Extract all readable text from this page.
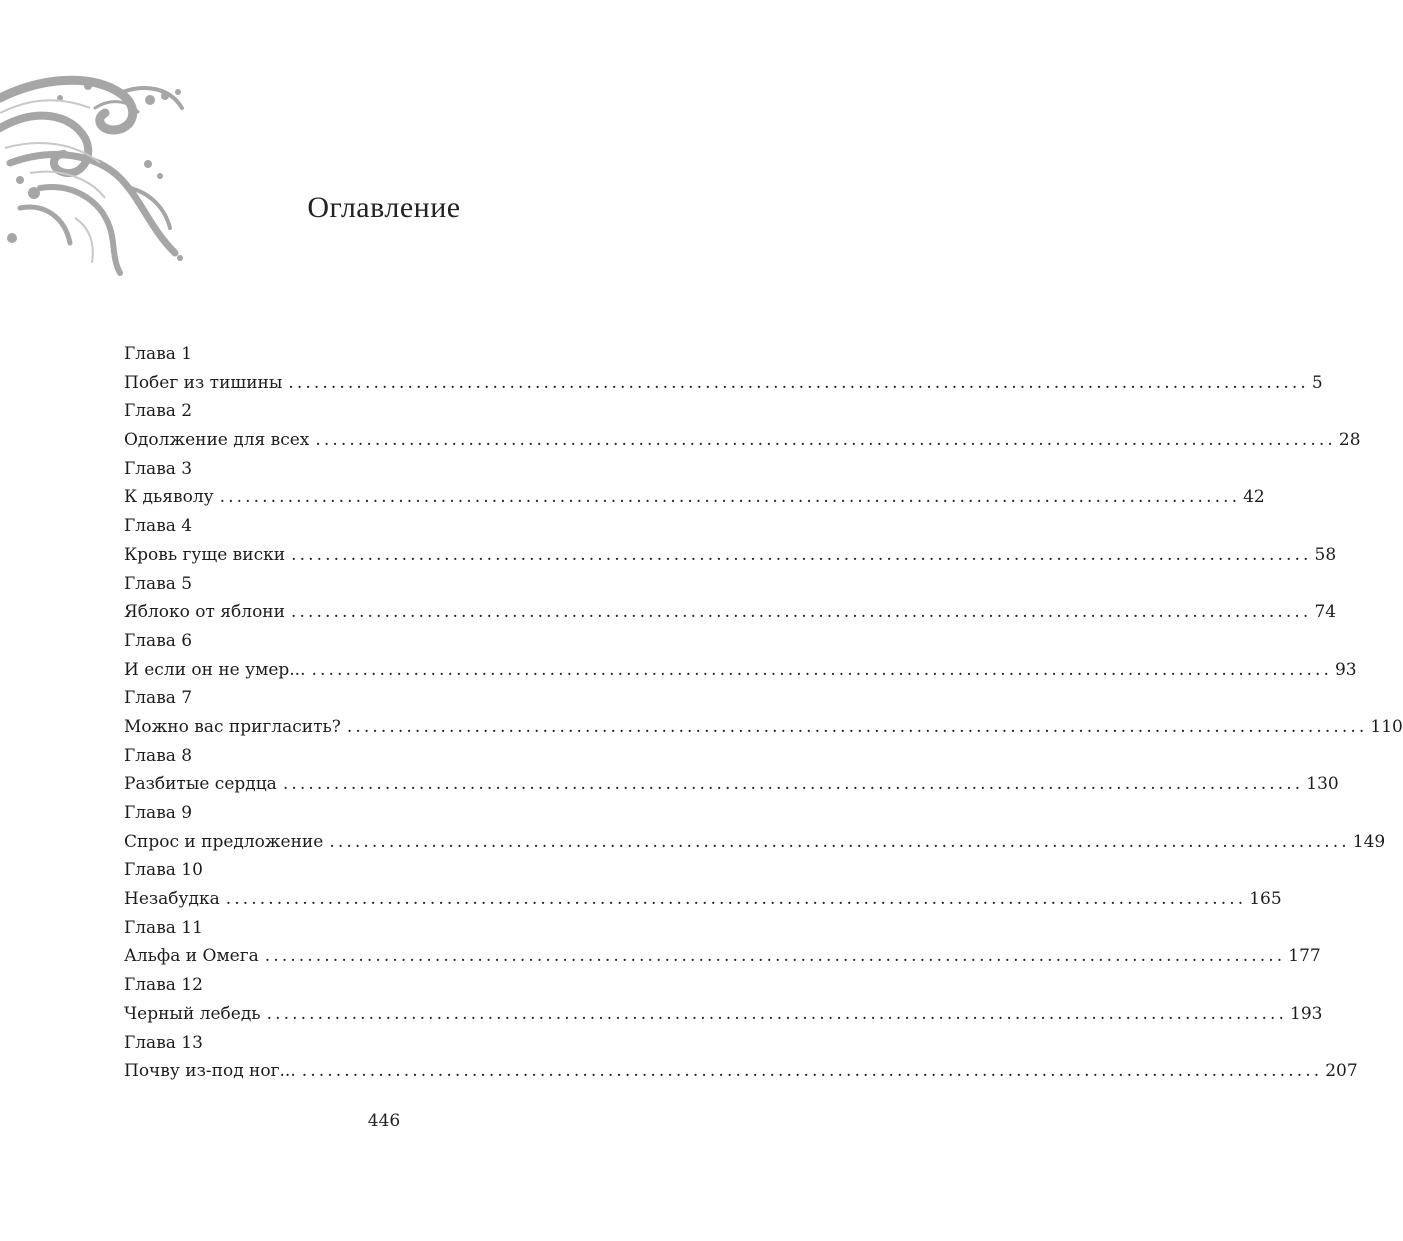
Оглавление
Глава 1
Побег из тишины ........................................................................................................................ 5
Глава 2
Одолжение для всех ........................................................................................................................ 28
Глава 3
К дьяволу ........................................................................................................................ 42
Глава 4
Кровь гуще виски ........................................................................................................................ 58
Глава 5
Яблоко от яблони ........................................................................................................................ 74
Глава 6
И если он не умер... ........................................................................................................................ 93
Глава 7
Можно вас пригласить? ........................................................................................................................ 110
Глава 8
Разбитые сердца ........................................................................................................................ 130
Глава 9
Спрос и предложение ........................................................................................................................ 149
Глава 10
Незабудка ........................................................................................................................ 165
Глава 11
Альфа и Омега ........................................................................................................................ 177
Глава 12
Черный лебедь ........................................................................................................................ 193
Глава 13
Почву из-под ног... ........................................................................................................................ 207
446
